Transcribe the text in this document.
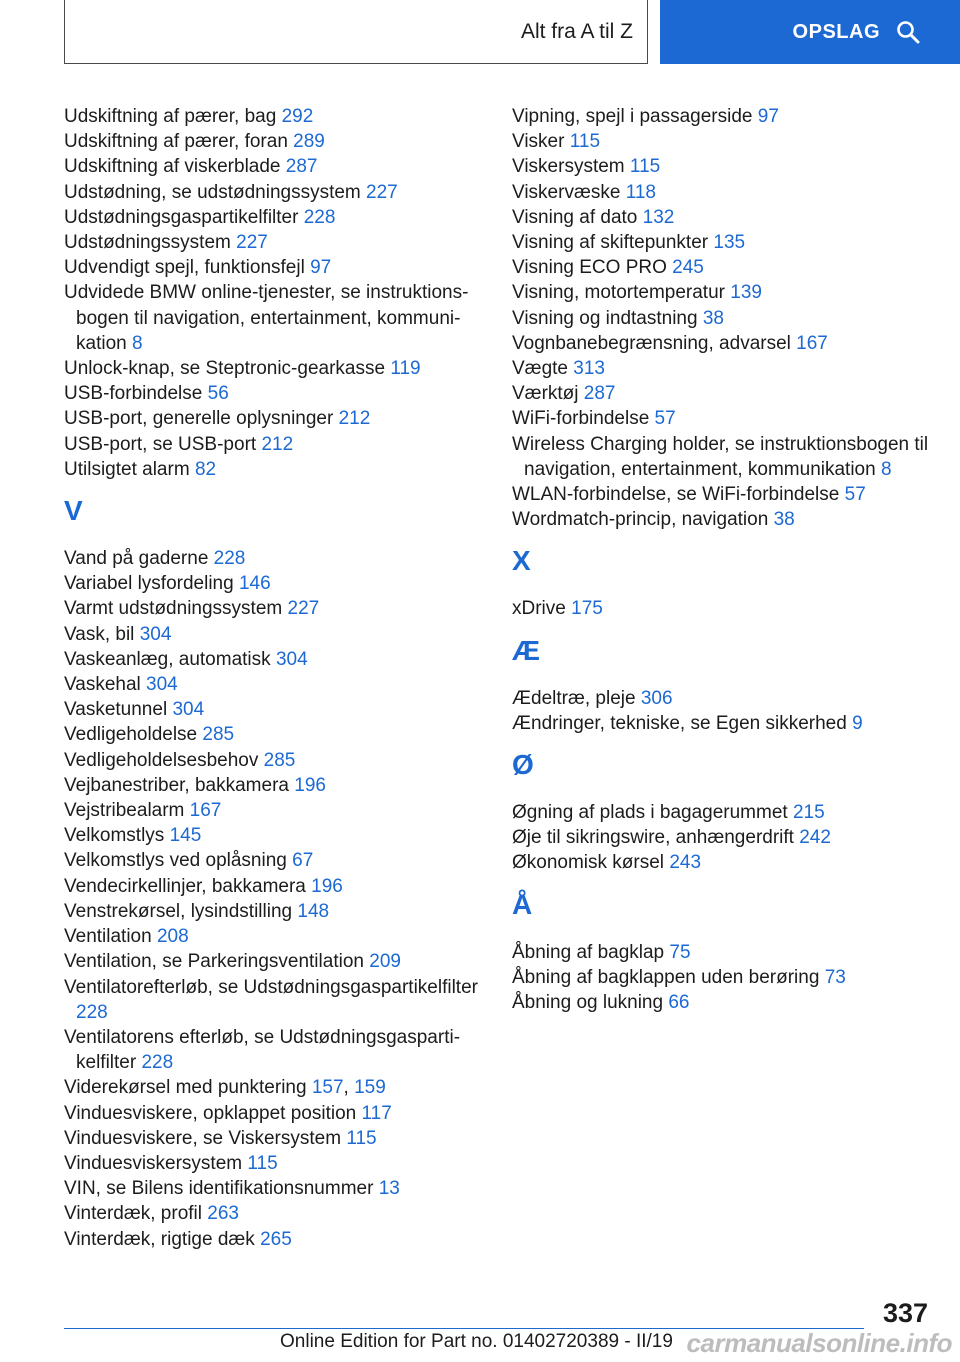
Alt fra A til Z	OPSLAG
Udskiftning af pærer, bag 292
Udskiftning af pærer, foran 289
Udskiftning af viskerblade 287
Udstødning, se udstødningssystem 227
Udstødningsgaspartikelfilter 228
Udstødningssystem 227
Udvendigt spejl, funktionsfejl 97
Udvidede BMW online-tjenester, se instruktionsbogen til navigation, entertainment, kommunikation 8
Unlock-knap, se Steptronic-gearkasse 119
USB-forbindelse 56
USB-port, generelle oplysninger 212
USB-port, se USB-port 212
Utilsigtet alarm 82
V
Vand på gaderne 228
Variabel lysfordeling 146
Varmt udstødningssystem 227
Vask, bil 304
Vaskeanlæg, automatisk 304
Vaskehal 304
Vasketunnel 304
Vedligeholdelse 285
Vedligeholdelsesbehov 285
Vejbanestriber, bakkamera 196
Vejstribealarm 167
Velkomstlys 145
Velkomstlys ved oplåsning 67
Vendecirkellinjer, bakkamera 196
Venstrekørsel, lysindstilling 148
Ventilation 208
Ventilation, se Parkeringsventilation 209
Ventilatorefterløb, se Udstødningsgaspartikelfilter 228
Ventilatorens efterløb, se Udstødningsgaspartikelfilter 228
Viderekørsel med punktering 157, 159
Vinduesviskere, opklappet position 117
Vinduesviskere, se Viskersystem 115
Vinduesviskersystem 115
VIN, se Bilens identifikationsnummer 13
Vinterdæk, profil 263
Vinterdæk, rigtige dæk 265
Vipning, spejl i passagerside 97
Visker 115
Viskersystem 115
Viskervæske 118
Visning af dato 132
Visning af skiftepunkter 135
Visning ECO PRO 245
Visning, motortemperatur 139
Visning og indtastning 38
Vognbanebegrænsning, advarsel 167
Vægte 313
Værktøj 287
WiFi-forbindelse 57
Wireless Charging holder, se instruktionsbogen til navigation, entertainment, kommunikation 8
WLAN-forbindelse, se WiFi-forbindelse 57
Wordmatch-princip, navigation 38
X
xDrive 175
Æ
Ædeltræ, pleje 306
Ændringer, tekniske, se Egen sikkerhed 9
Ø
Øgning af plads i bagagerummet 215
Øje til sikringswire, anhængerdrift 242
Økonomisk kørsel 243
Å
Åbning af bagklap 75
Åbning af bagklappen uden berøring 73
Åbning og lukning 66
337
Online Edition for Part no. 01402720389 - II/19 carmanualsonline.info
